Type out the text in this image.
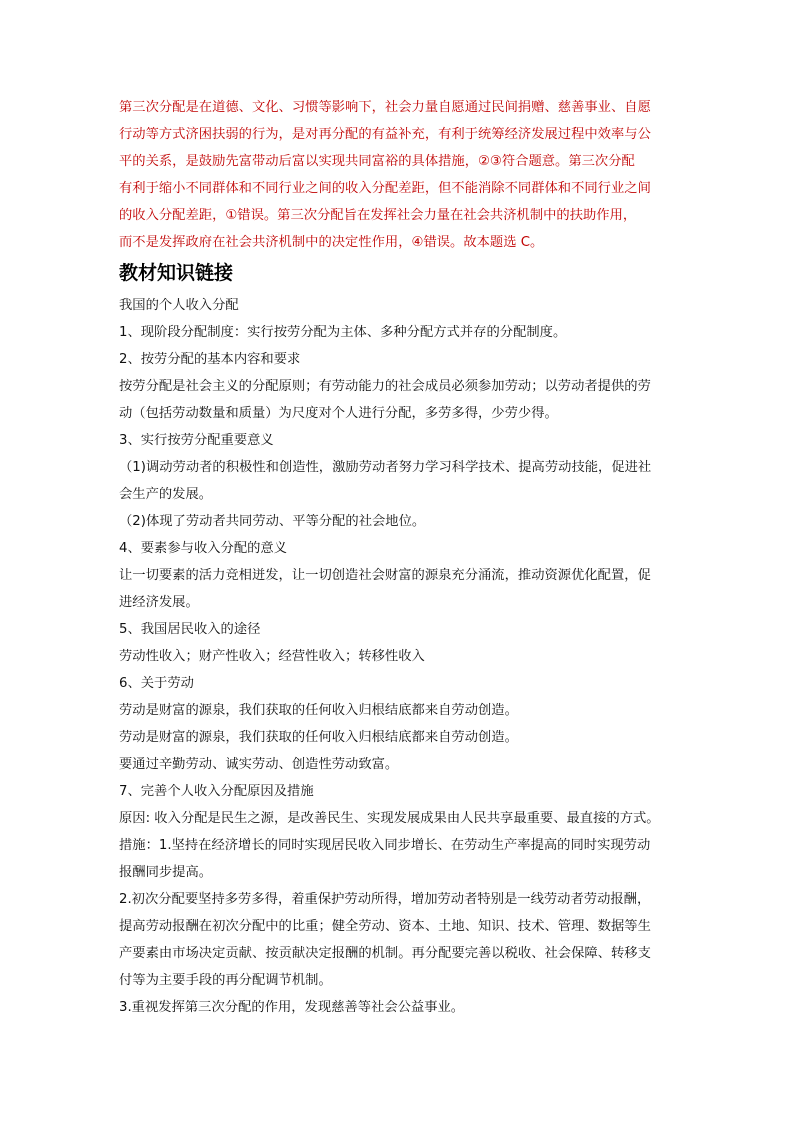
第三次分配是在道德、文化、习惯等影响下，社会力量自愿通过民间捐赠、慈善事业、自愿

行动等方式济困扶弱的行为，是对再分配的有益补充，有利于统筹经济发展过程中效率与公

平的关系，是鼓励先富带动后富以实现共同富裕的具体措施，②③符合题意。第三次分配

有利于缩小不同群体和不同行业之间的收入分配差距，但不能消除不同群体和不同行业之间

的收入分配差距，①错误。第三次分配旨在发挥社会力量在社会共济机制中的扶助作用，

而不是发挥政府在社会共济机制中的决定性作用，④错误。故本题选 C。

教材知识链接

我国的个人收入分配

1、现阶段分配制度：实行按劳分配为主体、多种分配方式并存的分配制度。

2、按劳分配的基本内容和要求

按劳分配是社会主义的分配原则；有劳动能力的社会成员必须参加劳动；以劳动者提供的劳

动（包括劳动数量和质量）为尺度对个人进行分配，多劳多得，少劳少得。

3、实行按劳分配重要意义

（1)调动劳动者的积极性和创造性，激励劳动者努力学习科学技术、提高劳动技能，促进社

会生产的发展。

（2)体现了劳动者共同劳动、平等分配的社会地位。

4、要素参与收入分配的意义

让一切要素的活力竞相迸发，让一切创造社会财富的源泉充分涌流，推动资源优化配置，促

进经济发展。

5、我国居民收入的途径

劳动性收入；财产性收入；经营性收入；转移性收入

6、关于劳动

劳动是财富的源泉，我们获取的任何收入归根结底都来自劳动创造。

劳动是财富的源泉，我们获取的任何收入归根结底都来自劳动创造。

要通过辛勤劳动、诚实劳动、创造性劳动致富。

7、完善个人收入分配原因及措施

原因: 收入分配是民生之源，是改善民生、实现发展成果由人民共享最重要、最直接的方式。

措施：1.坚持在经济增长的同时实现居民收入同步增长、在劳动生产率提高的同时实现劳动

报酬同步提高。

2.初次分配要坚持多劳多得，着重保护劳动所得，增加劳动者特别是一线劳动者劳动报酬，

提高劳动报酬在初次分配中的比重；健全劳动、资本、土地、知识、技术、管理、数据等生

产要素由市场决定贡献、按贡献决定报酬的机制。再分配要完善以税收、社会保障、转移支

付等为主要手段的再分配调节机制。

3.重视发挥第三次分配的作用，发现慈善等社会公益事业。
